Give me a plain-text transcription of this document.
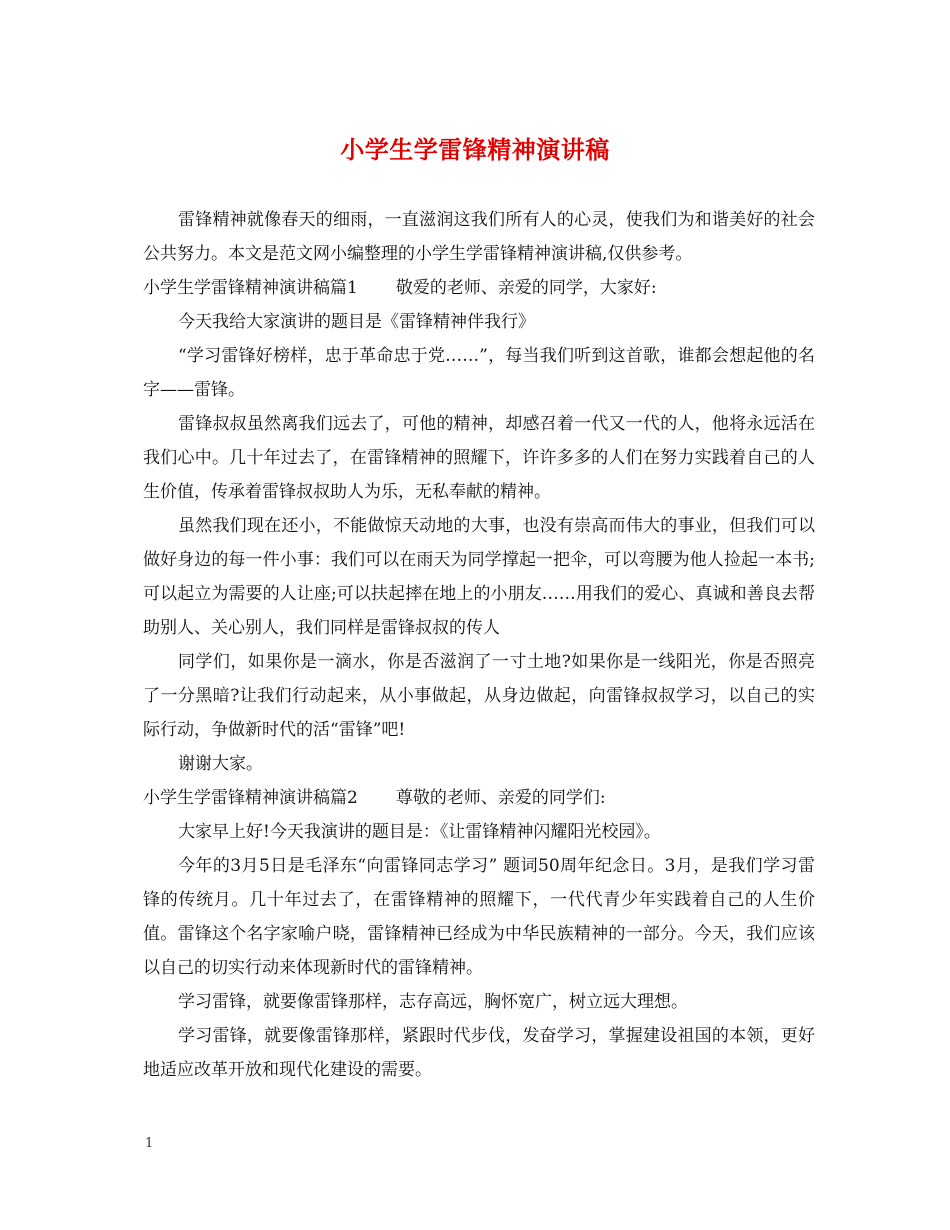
小学生学雷锋精神演讲稿

雷锋精神就像春天的细雨，一直滋润这我们所有人的心灵，使我们为和谐美好的社会公共努力。本文是范文网小编整理的小学生学雷锋精神演讲稿,仅供参考。

小学生学雷锋精神演讲稿篇1 敬爱的老师、亲爱的同学，大家好:

今天我给大家演讲的题目是《雷锋精神伴我行》

“学习雷锋好榜样，忠于革命忠于党……”，每当我们听到这首歌，谁都会想起他的名字——雷锋。

雷锋叔叔虽然离我们远去了，可他的精神，却感召着一代又一代的人，他将永远活在我们心中。几十年过去了，在雷锋精神的照耀下，许许多多的人们在努力实践着自己的人生价值，传承着雷锋叔叔助人为乐，无私奉献的精神。

虽然我们现在还小，不能做惊天动地的大事，也没有崇高而伟大的事业，但我们可以做好身边的每一件小事：我们可以在雨天为同学撑起一把伞，可以弯腰为他人捡起一本书;可以起立为需要的人让座;可以扶起摔在地上的小朋友……用我们的爱心、真诚和善良去帮助别人、关心别人，我们同样是雷锋叔叔的传人

同学们，如果你是一滴水，你是否滋润了一寸土地?如果你是一线阳光，你是否照亮了一分黑暗?让我们行动起来，从小事做起，从身边做起，向雷锋叔叔学习，以自己的实际行动，争做新时代的活“雷锋”吧!

谢谢大家。

小学生学雷锋精神演讲稿篇2 尊敬的老师、亲爱的同学们:

大家早上好!今天我演讲的题目是：《让雷锋精神闪耀阳光校园》。

今年的3月5日是毛泽东“向雷锋同志学习” 题词50周年纪念日。3月，是我们学习雷锋的传统月。几十年过去了，在雷锋精神的照耀下，一代代青少年实践着自己的人生价值。雷锋这个名字家喻户晓，雷锋精神已经成为中华民族精神的一部分。今天，我们应该以自己的切实行动来体现新时代的雷锋精神。

学习雷锋，就要像雷锋那样，志存高远，胸怀宽广，树立远大理想。

学习雷锋，就要像雷锋那样，紧跟时代步伐，发奋学习，掌握建设祖国的本领，更好地适应改革开放和现代化建设的需要。

1
